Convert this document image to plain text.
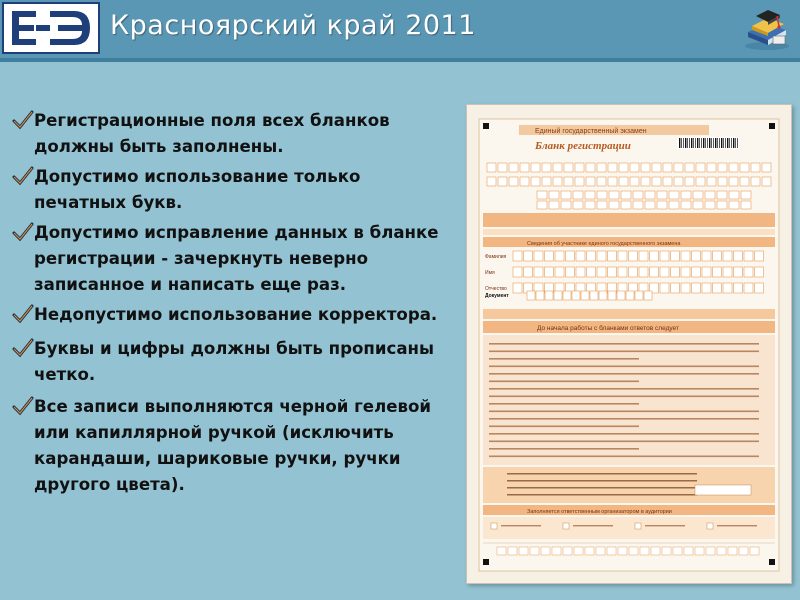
ЕЭ Красноярский край 2011
Регистрационные поля всех бланков должны быть заполнены.
Допустимо использование только печатных букв.
Допустимо исправление данных в бланке регистрации - зачеркнуть неверно записанное и написать еще раз.
Недопустимо использование корректора.
Буквы и цифры должны быть прописаны четко.
Все записи выполняются черной гелевой или капиллярной ручкой (исключить карандаши, шариковые ручки, ручки другого цвета).
Единый государственный экзамен
Бланк регистрации
Сведения об участнике единого государственного экзамена
Фамилия
Имя
Отчество
Документ
До начала работы с бланками ответов следует
Заполняется ответственным организатором в аудитории
